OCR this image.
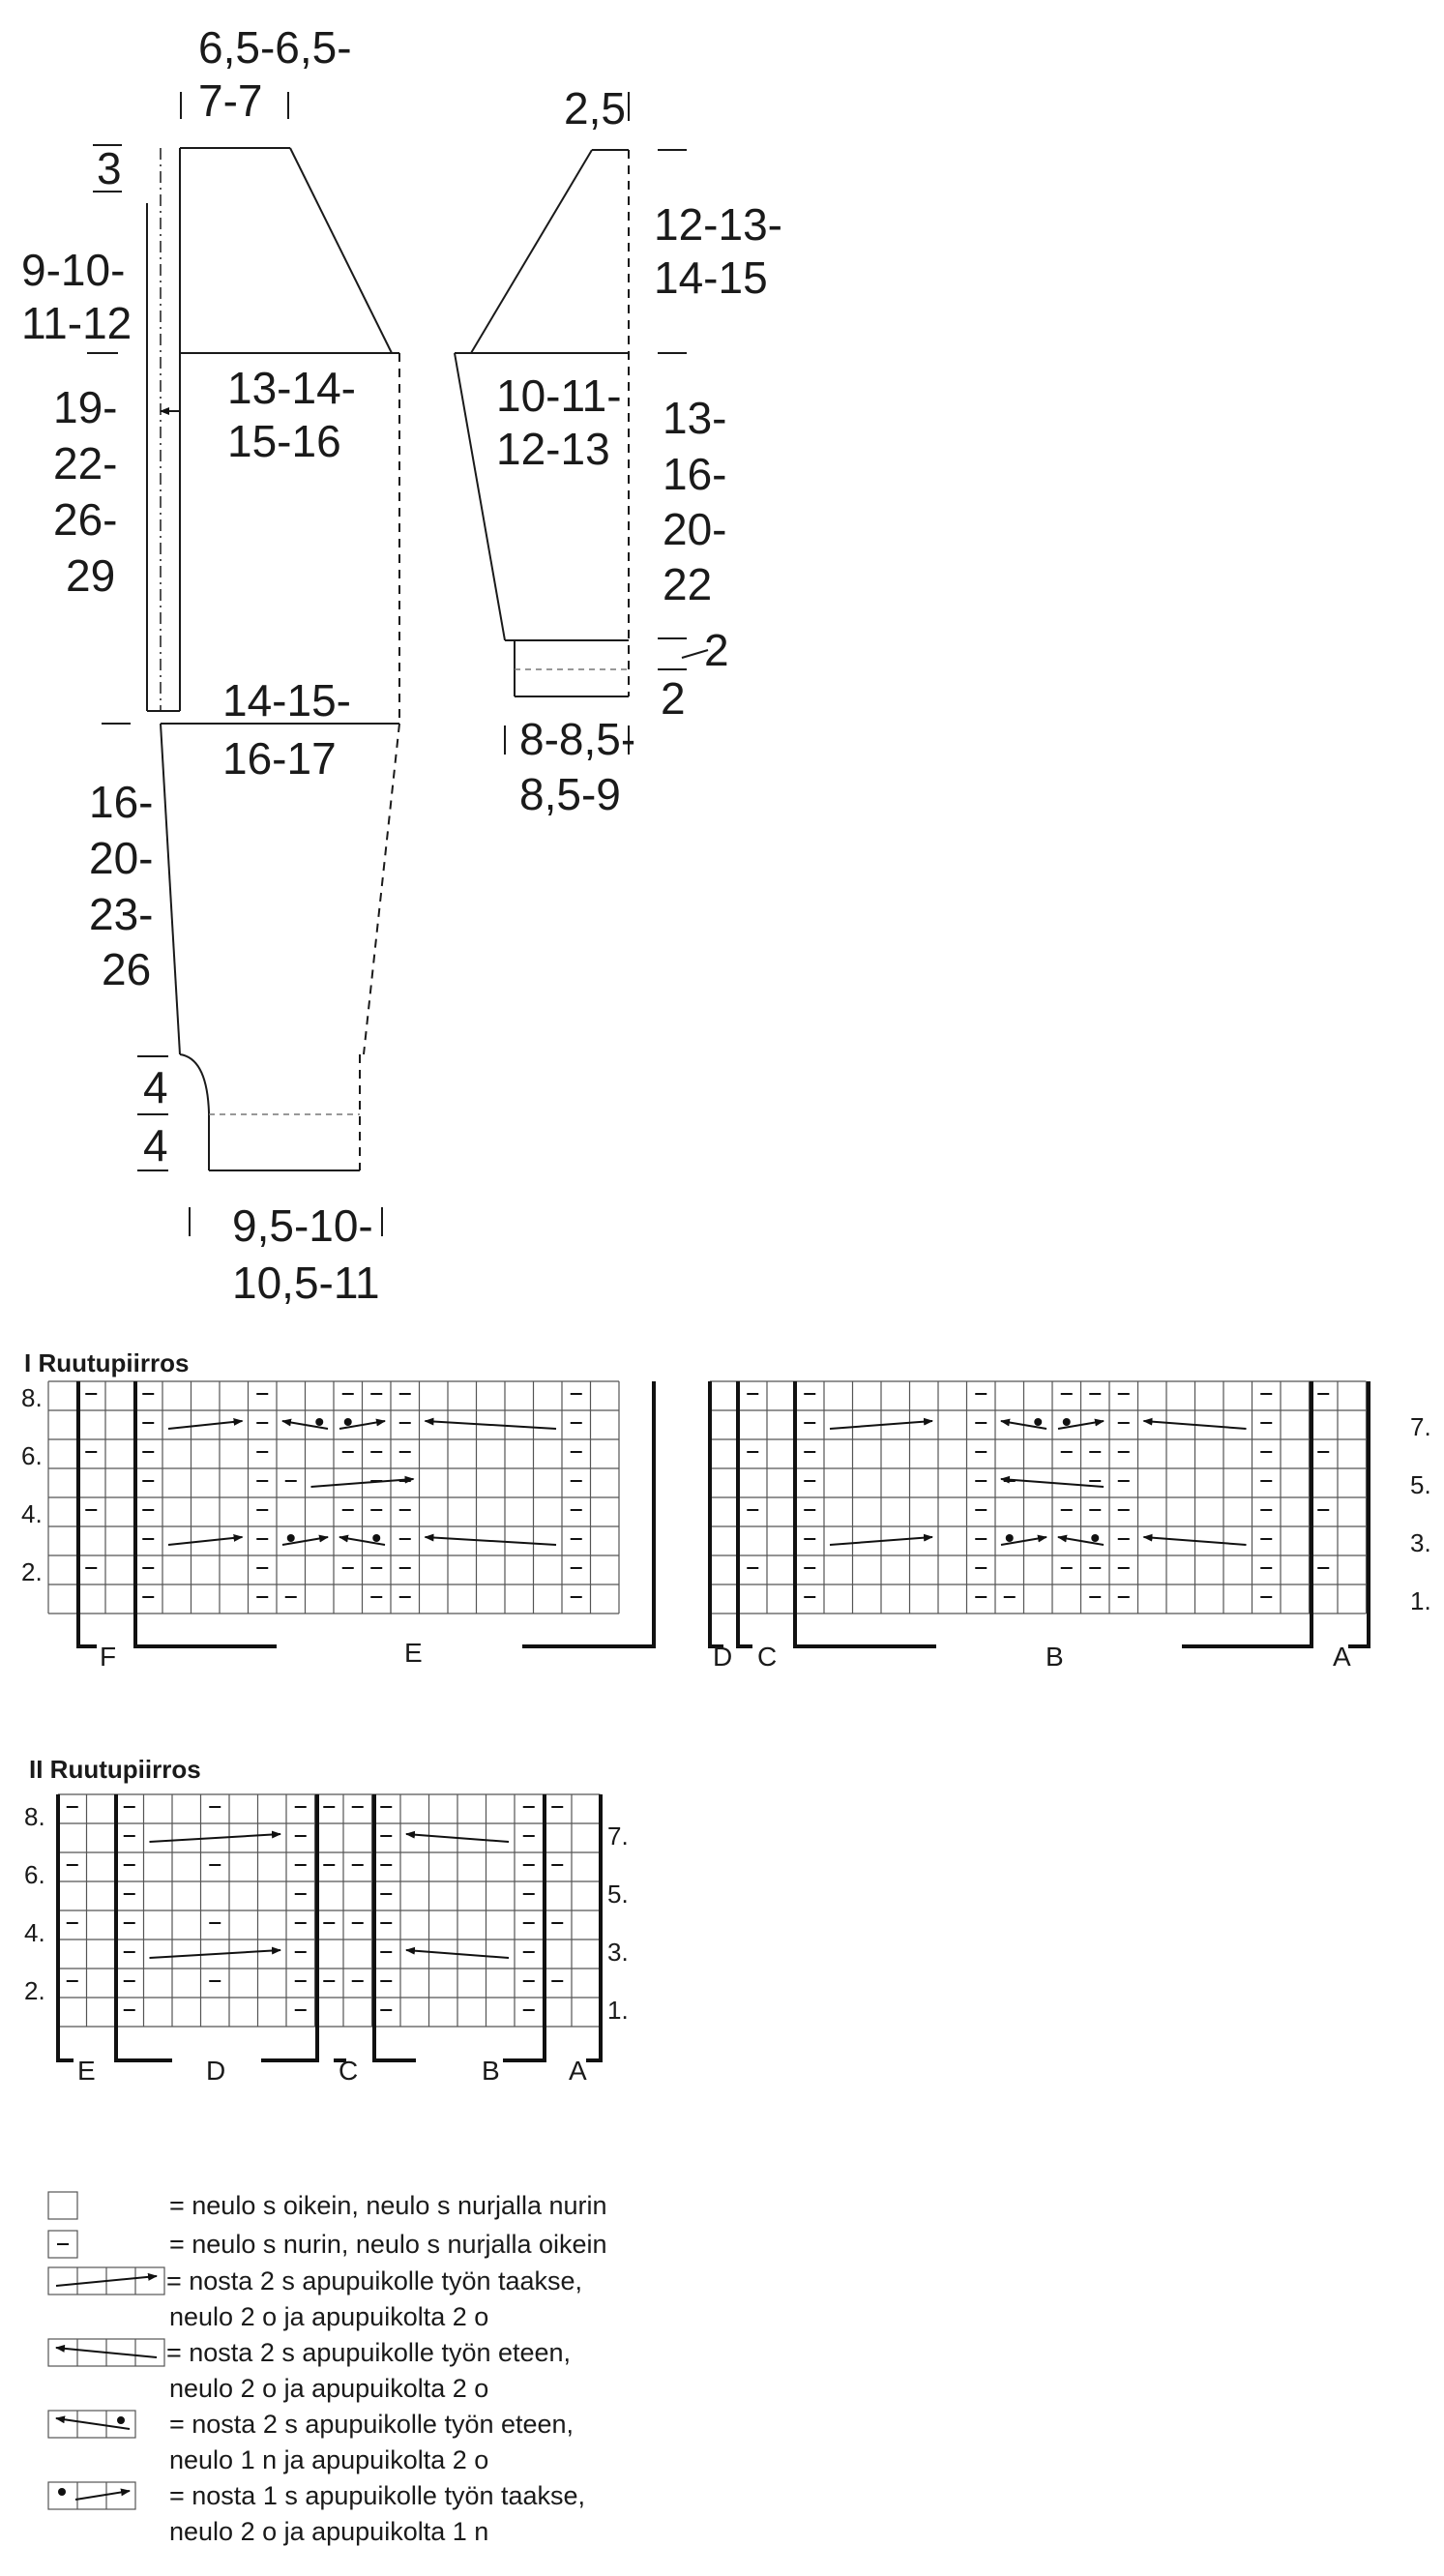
6,5-6,5-
7-7
3
9-10-
11-12
19-
22-
26-
29
13-14-
15-16
14-15-
16-17
16-
20-
23-
26
4
4
9,5-10-
10,5-11
2,5
12-13-
14-15
10-11-
12-13
13-
16-
20-
22
2
2
8-8,5-
8,5-9
I Ruutupiirros
8.
6.
4.
2.
7.
5.
3.
1.
F	E	D C	B	A
II Ruutupiirros
8.
6.
4.
2.
7.
5.
3.
1.
E	D	C	B	A
= neulo s oikein, neulo s nurjalla nurin
= neulo s nurin, neulo s nurjalla oikein
= nosta 2 s apupuikolle työn taakse,
neulo 2 o ja apupuikolta 2 o
= nosta 2 s apupuikolle työn eteen,
neulo 2 o ja apupuikolta 2 o
= nosta 2 s apupuikolle työn eteen,
neulo 1 n ja apupuikolta 2 o
= nosta 1 s apupuikolle työn taakse,
neulo 2 o ja apupuikolta 1 n
